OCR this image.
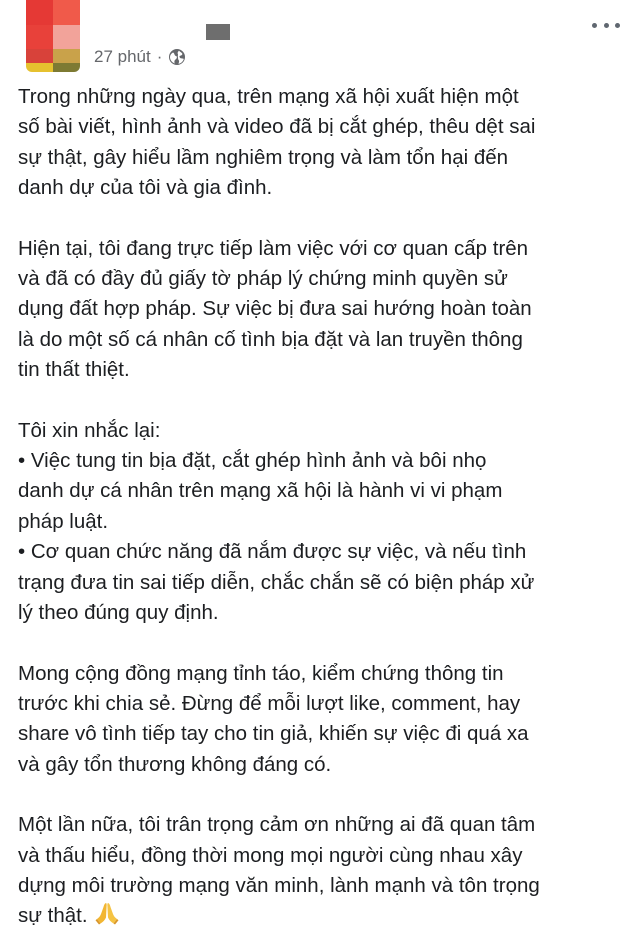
27 phút ·

Trong những ngày qua, trên mạng xã hội xuất hiện một
số bài viết, hình ảnh và video đã bị cắt ghép, thêu dệt sai
sự thật, gây hiểu lầm nghiêm trọng và làm tổn hại đến
danh dự của tôi và gia đình.

Hiện tại, tôi đang trực tiếp làm việc với cơ quan cấp trên
và đã có đầy đủ giấy tờ pháp lý chứng minh quyền sử
dụng đất hợp pháp. Sự việc bị đưa sai hướng hoàn toàn
là do một số cá nhân cố tình bịa đặt và lan truyền thông
tin thất thiệt.

Tôi xin nhắc lại:

• Việc tung tin bịa đặt, cắt ghép hình ảnh và bôi nhọ
danh dự cá nhân trên mạng xã hội là hành vi vi phạm
pháp luật.

• Cơ quan chức năng đã nắm được sự việc, và nếu tình
trạng đưa tin sai tiếp diễn, chắc chắn sẽ có biện pháp xử
lý theo đúng quy định.

Mong cộng đồng mạng tỉnh táo, kiểm chứng thông tin
trước khi chia sẻ. Đừng để mỗi lượt like, comment, hay
share vô tình tiếp tay cho tin giả, khiến sự việc đi quá xa
và gây tổn thương không đáng có.

Một lần nữa, tôi trân trọng cảm ơn những ai đã quan tâm
và thấu hiểu, đồng thời mong mọi người cùng nhau xây
dựng môi trường mạng văn minh, lành mạnh và tôn trọng
sự thật.
